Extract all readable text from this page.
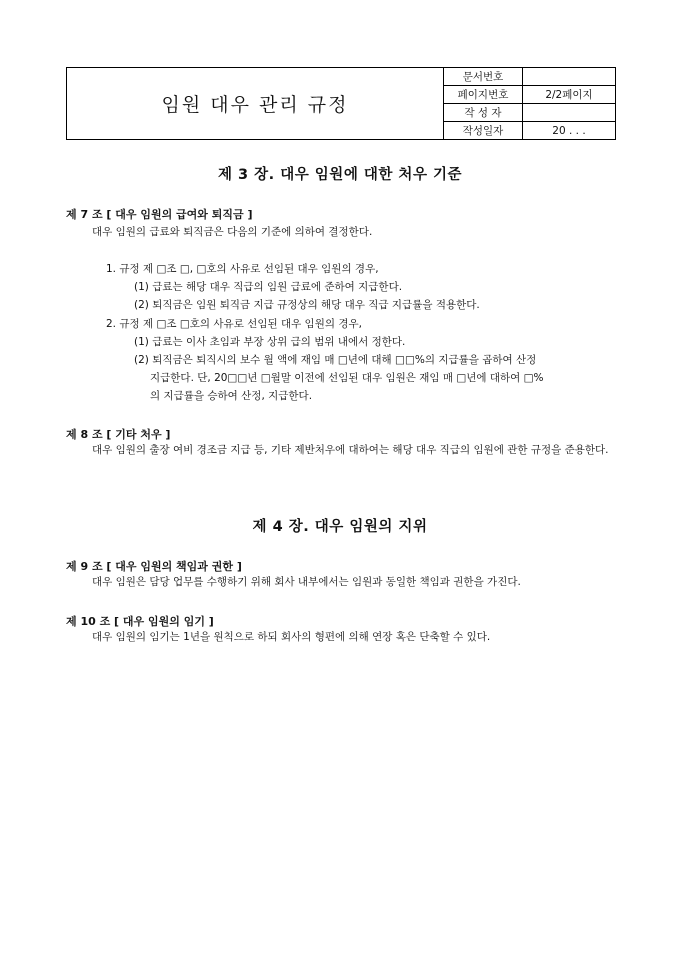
임원 대우 관리 규정
문서번호
페이지번호	2/2페이지
작 성 자
작성일자	20 . . .
제 3 장. 대우 임원에 대한 처우 기준
제 7 조 [ 대우 임원의 급여와 퇴직금 ]
대우 임원의 급료와 퇴직금은 다음의 기준에 의하여 결정한다.
1. 규정 제 □조 □, □호의 사유로 선임된 대우 임원의 경우,
(1) 급료는 해당 대우 직급의 임원 급료에 준하여 지급한다.
(2) 퇴직금은 임원 퇴직금 지급 규정상의 해당 대우 직급 지급률을 적용한다.
2. 규정 제 □조 □호의 사유로 선임된 대우 임원의 경우,
(1) 급료는 이사 초임과 부장 상위 급의 범위 내에서 정한다.
(2) 퇴직금은 퇴직시의 보수 월 액에 재임 매 □년에 대해 □□%의 지급률을 곱하여 산정
지급한다. 단, 20□□년 □월말 이전에 선임된 대우 임원은 재임 매 □년에 대하여 □%
의 지급률을 승하여 산정, 지급한다.
제 8 조 [ 기타 처우 ]
대우 임원의 출장 여비 경조금 지급 등, 기타 제반처우에 대하여는 해당 대우 직급의 임원에 관한 규정을 준용한다.
제 4 장. 대우 임원의 지위
제 9 조 [ 대우 임원의 책임과 권한 ]
대우 임원은 담당 업무를 수행하기 위해 회사 내부에서는 임원과 동일한 책임과 권한을 가진다.
제 10 조 [ 대우 임원의 임기 ]
대우 임원의 임기는 1년을 원칙으로 하되 회사의 형편에 의해 연장 혹은 단축할 수 있다.
